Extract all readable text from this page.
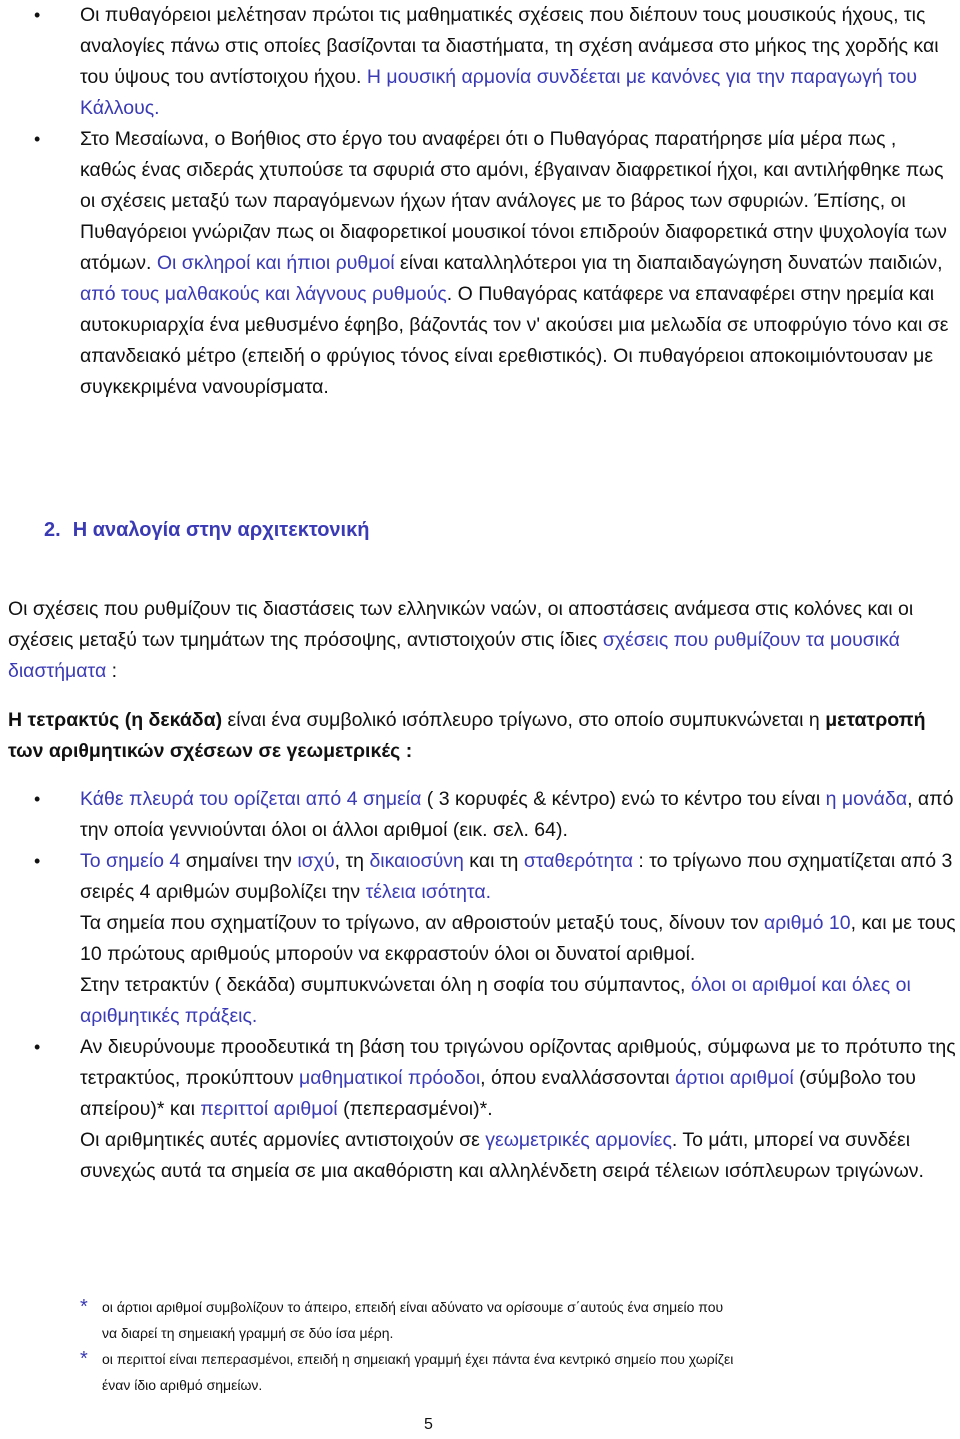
• Οι πυθαγόρειοι μελέτησαν πρώτοι τις μαθηματικές σχέσεις που διέπουν τους μουσικούς ήχους, τις αναλογίες πάνω στις οποίες βασίζονται τα διαστήματα, τη σχέση ανάμεσα στο μήκος της χορδής και του ύψους του αντίστοιχου ήχου. Η μουσική αρμονία συνδέεται με κανόνες για την παραγωγή του Κάλλους.
• Στο Μεσαίωνα, ο Βοήθιος στο έργο του αναφέρει ότι ο Πυθαγόρας παρατήρησε μία μέρα πως , καθώς ένας σιδεράς χτυπούσε τα σφυριά στο αμόνι, έβγαιναν διαφρετικοί ήχοι, και αντιλήφθηκε πως οι σχέσεις μεταξύ των παραγόμενων ήχων ήταν ανάλογες με το βάρος των σφυριών. Έπίσης, οι Πυθαγόρειοι γνώριζαν πως οι διαφορετικοί μουσικοί τόνοι επιδρούν διαφορετικά στην ψυχολογία των ατόμων. Οι σκληροί και ήπιοι ρυθμοί είναι καταλληλότεροι για τη διαπαιδαγώγηση δυνατών παιδιών, από τους μαλθακούς και λάγνους ρυθμούς. Ο Πυθαγόρας κατάφερε να επαναφέρει στην ηρεμία και αυτοκυριαρχία ένα μεθυσμένο έφηβο, βάζοντάς τον ν' ακούσει μια μελωδία σε υποφρύγιο τόνο και σε απανδειακό μέτρο (επειδή ο φρύγιος τόνος είναι ερεθιστικός). Οι πυθαγόρειοι αποκοιμιόντουσαν με συγκεκριμένα νανουρίσματα.
2. Η αναλογία στην αρχιτεκτονική
Οι σχέσεις που ρυθμίζουν τις διαστάσεις των ελληνικών ναών, οι αποστάσεις ανάμεσα στις κολόνες και οι σχέσεις μεταξύ των τμημάτων της πρόσοψης, αντιστοιχούν στις ίδιες σχέσεις που ρυθμίζουν τα μουσικά διαστήματα :
Η τετρακτύς (η δεκάδα) είναι ένα συμβολικό ισόπλευρο τρίγωνο, στο οποίο συμπυκνώνεται η μετατροπή των αριθμητικών σχέσεων σε γεωμετρικές :
• Κάθε πλευρά του ορίζεται από 4 σημεία ( 3 κορυφές & κέντρο) ενώ το κέντρο του είναι η μονάδα, από την οποία γεννιούνται όλοι οι άλλοι αριθμοί (εικ. σελ. 64).
• Το σημείο 4 σημαίνει την ισχύ, τη δικαιοσύνη και τη σταθερότητα : το τρίγωνο που σχηματίζεται από 3 σειρές 4 αριθμών συμβολίζει την τέλεια ισότητα.
Τα σημεία που σχηματίζουν το τρίγωνο, αν αθροιστούν μεταξύ τους, δίνουν τον αριθμό 10, και με τους 10 πρώτους αριθμούς μπορούν να εκφραστούν όλοι οι δυνατοί αριθμοί.
Στην τετρακτύν ( δεκάδα) συμπυκνώνεται όλη η σοφία του σύμπαντος, όλοι οι αριθμοί και όλες οι αριθμητικές πράξεις.
• Αν διευρύνουμε προοδευτικά τη βάση του τριγώνου ορίζοντας αριθμούς, σύμφωνα με το πρότυπο της τετρακτύος, προκύπτουν μαθηματικοί πρόοδοι, όπου εναλλάσσονται άρτιοι αριθμοί (σύμβολο του απείρου)* και περιττοί αριθμοί (πεπερασμένοι)*.
Οι αριθμητικές αυτές αρμονίες αντιστοιχούν σε γεωμετρικές αρμονίες. Το μάτι, μπορεί να συνδέει συνεχώς αυτά τα σημεία σε μια ακαθόριστη και αλληλένδετη σειρά τέλειων ισόπλευρων τριγώνων.
*	οι άρτιοι αριθμοί συμβολίζουν το άπειρο, επειδή είναι αδύνατο να ορίσουμε σ΄αυτούς ένα σημείο που να διαρεί τη σημειακή γραμμή σε δύο ίσα μέρη.
*	οι περιττοί είναι πεπερασμένοι, επειδή η σημειακή γραμμή έχει πάντα ένα κεντρικό σημείο που χωρίζει έναν ίδιο αριθμό σημείων.
5
